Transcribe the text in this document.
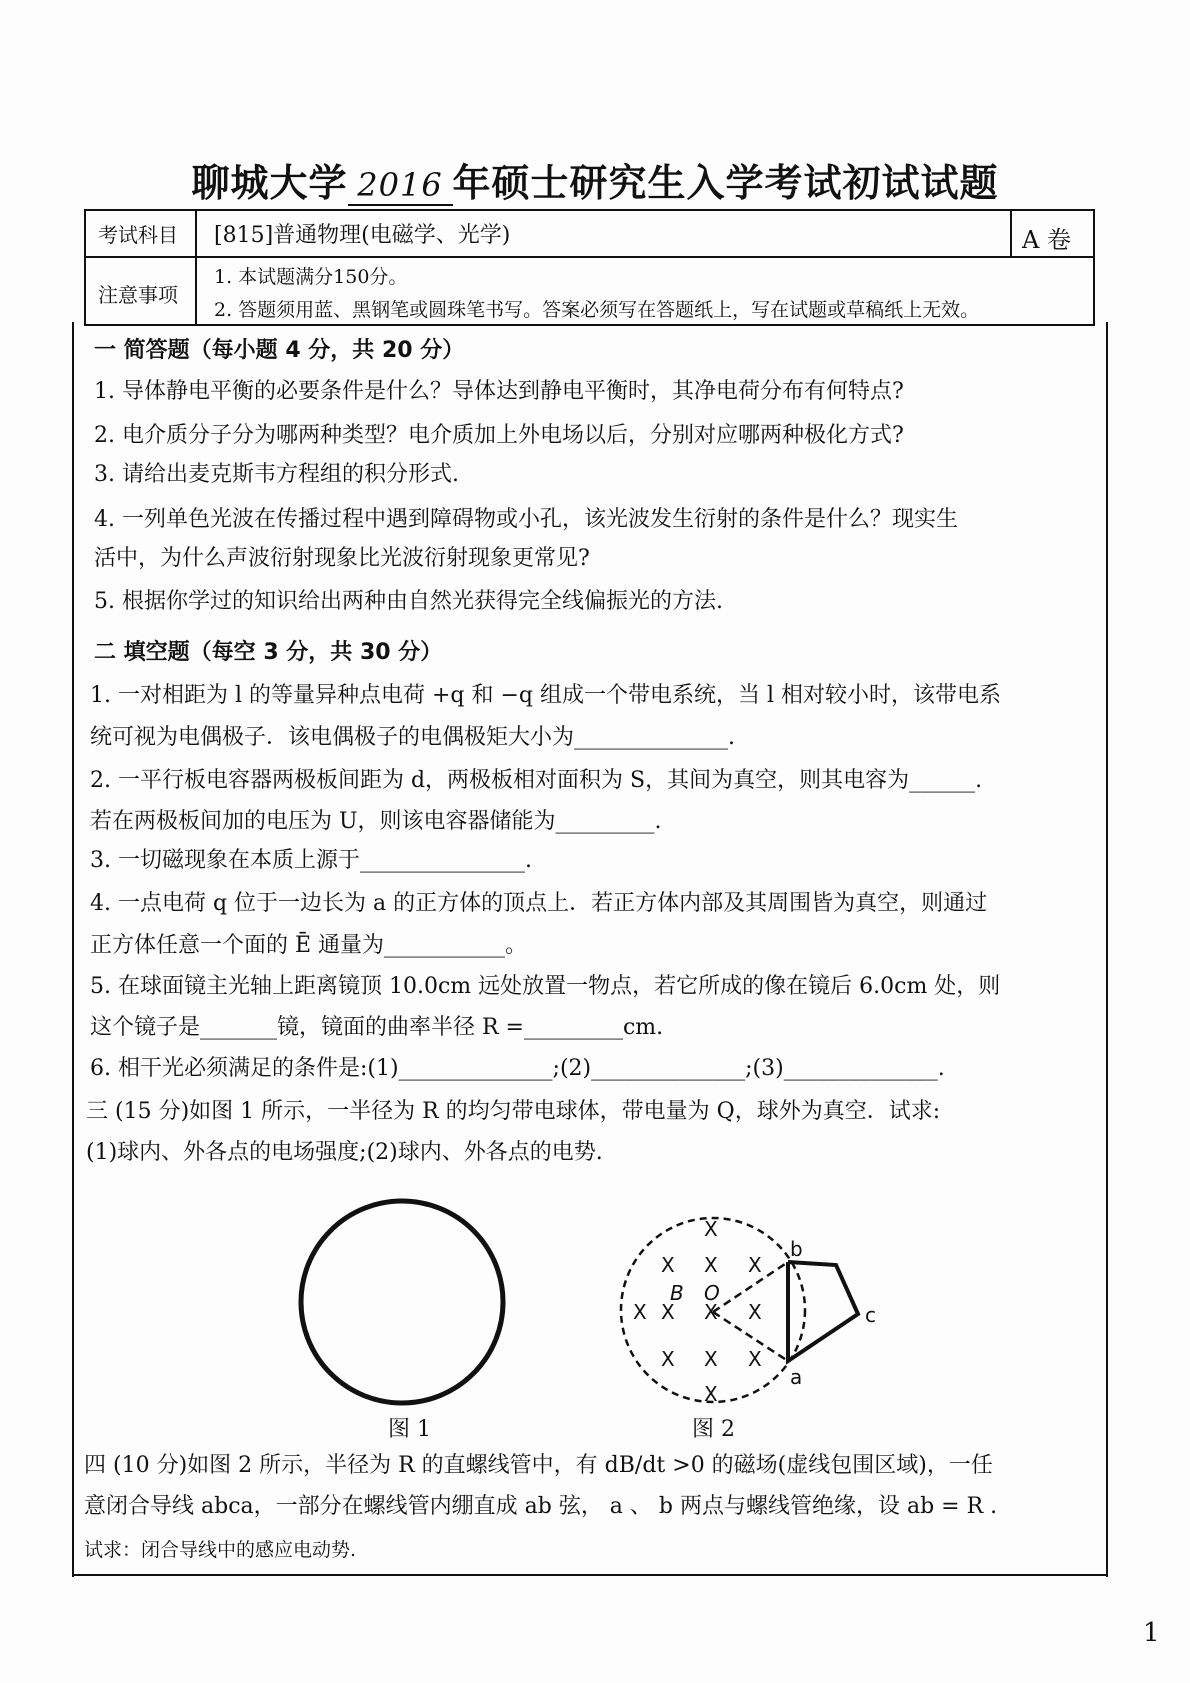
聊城大学 2016 年硕士研究生入学考试初试试题
考试科目 [815]普通物理(电磁学、光学)	A 卷
注意事项
1. 本试题满分150分。
2. 答题须用蓝、黑钢笔或圆珠笔书写。答案必须写在答题纸上，写在试题或草稿纸上无效。
一 简答题（每小题 4 分，共 20 分）
1. 导体静电平衡的必要条件是什么？导体达到静电平衡时，其净电荷分布有何特点?
2. 电介质分子分为哪两种类型？电介质加上外电场以后，分别对应哪两种极化方式?
3. 请给出麦克斯韦方程组的积分形式.
4. 一列单色光波在传播过程中遇到障碍物或小孔，该光波发生衍射的条件是什么？现实生
活中，为什么声波衍射现象比光波衍射现象更常见?
5. 根据你学过的知识给出两种由自然光获得完全线偏振光的方法.
二 填空题（每空 3 分，共 30 分）
1. 一对相距为 l 的等量异种点电荷 +q 和 −q 组成一个带电系统，当 l 相对较小时，该带电系
统可视为电偶极子．该电偶极子的电偶极矩大小为______________.
2. 一平行板电容器两极板间距为 d，两极板相对面积为 S，其间为真空，则其电容为______.
若在两极板间加的电压为 U，则该电容器储能为_________.
3. 一切磁现象在本质上源于_______________.
4. 一点电荷 q 位于一边长为 a 的正方体的顶点上．若正方体内部及其周围皆为真空，则通过
正方体任意一个面的 Ē 通量为___________。
5. 在球面镜主光轴上距离镜顶 10.0cm 远处放置一物点，若它所成的像在镜后 6.0cm 处，则
这个镜子是_______镜，镜面的曲率半径 R =_________cm.
6. 相干光必须满足的条件是:(1)______________;(2)______________;(3)______________.
三 (15 分)如图 1 所示，一半径为 R 的均匀带电球体，带电量为 Q，球外为真空．试求:
(1)球内、外各点的电场强度;(2)球内、外各点的电势.
X
X X X
X X X X
X X X
X
b
a
c
B O
图 1	图 2
四 (10 分)如图 2 所示，半径为 R 的直螺线管中，有 dB/dt >0 的磁场(虚线包围区域)，一任
意闭合导线 abca，一部分在螺线管内绷直成 ab 弦， a 、 b 两点与螺线管绝缘，设 ab = R .
试求：闭合导线中的感应电动势.
1
